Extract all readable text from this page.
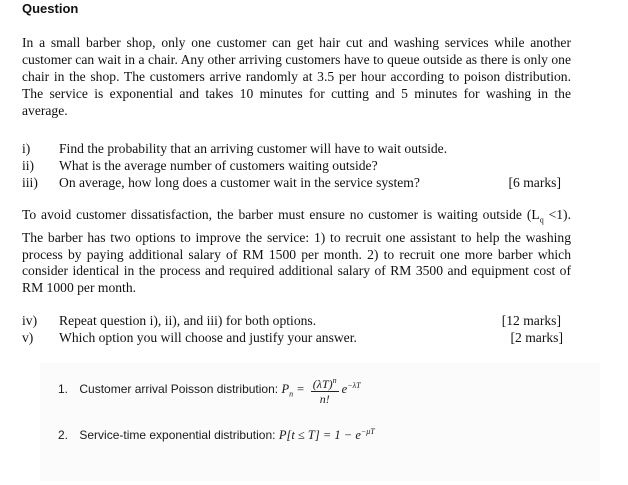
Question

In a small barber shop, only one customer can get hair cut and washing services while another customer can wait in a chair. Any other arriving customers have to queue outside as there is only one chair in the shop. The customers arrive randomly at 3.5 per hour according to poison distribution. The service is exponential and takes 10 minutes for cutting and 5 minutes for washing in the average.

i) Find the probability that an arriving customer will have to wait outside.
ii) What is the average number of customers waiting outside?
iii) On average, how long does a customer wait in the service system?	[6 marks]

To avoid customer dissatisfaction, the barber must ensure no customer is waiting outside $(L_q <1)$. The barber has two options to improve the service: 1) to recruit one assistant to help the washing process by paying additional salary of RM 1500 per month. 2) to recruit one more barber which consider identical in the process and required additional salary of RM 3500 and equipment cost of RM 1000 per month.

iv) Repeat question i), ii), and iii) for both options.	[12 marks]
v) Which option you will choose and justify your answer.	[2 marks]
1. Customer arrival Poisson distribution: $P_n = \frac{(\lambda T)^n}{n!} e^{-\lambda T}$
2. Service-time exponential distribution: $P[t \le T] = 1 - e^{-\mu T}$
